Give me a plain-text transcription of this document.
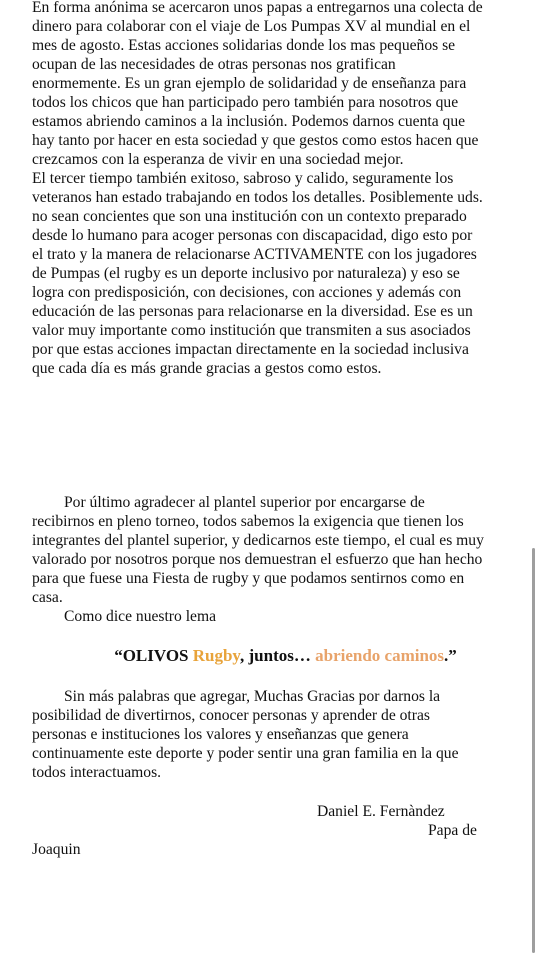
En forma anónima se acercaron unos papas a entregarnos una colecta de
dinero para colaborar con el viaje de Los Pumpas XV al mundial en el
mes de agosto. Estas acciones solidarias donde los mas pequeños se
ocupan de las necesidades de otras personas nos gratifican
enormemente. Es un gran ejemplo de solidaridad y de enseñanza para
todos los chicos que han participado pero también para nosotros que
estamos abriendo caminos a la inclusión. Podemos darnos cuenta que
hay tanto por hacer en esta sociedad y que gestos como estos hacen que
crezcamos con la esperanza de vivir en una sociedad mejor.
El tercer tiempo también exitoso, sabroso y calido, seguramente los
veteranos han estado trabajando en todos los detalles. Posiblemente uds.
no sean concientes que son una institución con un contexto preparado
desde lo humano para acoger personas con discapacidad, digo esto por
el trato y la manera de relacionarse ACTIVAMENTE con los jugadores
de Pumpas (el rugby es un deporte inclusivo por naturaleza) y eso se
logra con predisposición, con decisiones, con acciones y además con
educación de las personas para relacionarse en la diversidad. Ese es un
valor muy importante como institución que transmiten a sus asociados
por que estas acciones impactan directamente en la sociedad inclusiva
que cada día es más grande gracias a gestos como estos.
Por último agradecer al plantel superior por encargarse de
recibirnos en pleno torneo, todos sabemos la exigencia que tienen los
integrantes del plantel superior, y dedicarnos este tiempo, el cual es muy
valorado por nosotros porque nos demuestran el esfuerzo que han hecho
para que fuese una Fiesta de rugby y que podamos sentirnos como en
casa.
Como dice nuestro lema
“OLIVOS Rugby, juntos… abriendo caminos.”
Sin más palabras que agregar, Muchas Gracias por darnos la
posibilidad de divertirnos, conocer personas y aprender de otras
personas e instituciones los valores y enseñanzas que genera
continuamente este deporte y poder sentir una gran familia en la que
todos interactuamos.
Daniel E. Fernàndez
Papa de
Joaquin
